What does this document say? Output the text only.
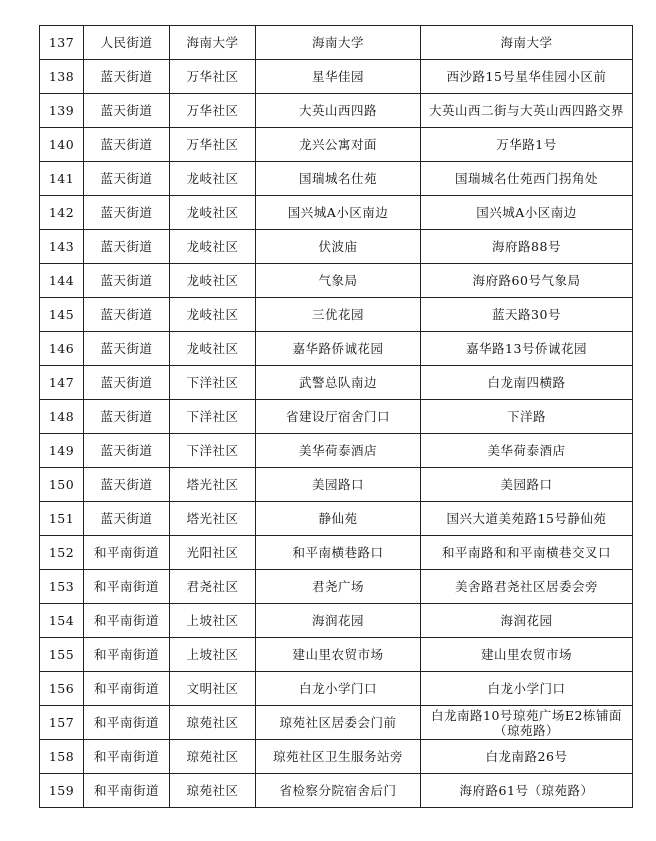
137	人民街道	海南大学	海南大学	海南大学
138	蓝天街道	万华社区	星华佳园	西沙路15号星华佳园小区前
139	蓝天街道	万华社区	大英山西四路	大英山西二街与大英山西四路交界
140	蓝天街道	万华社区	龙兴公寓对面	万华路1号
141	蓝天街道	龙岐社区	国瑞城名仕苑	国瑞城名仕苑西门拐角处
142	蓝天街道	龙岐社区	国兴城A小区南边	国兴城A小区南边
143	蓝天街道	龙岐社区	伏波庙	海府路88号
144	蓝天街道	龙岐社区	气象局	海府路60号气象局
145	蓝天街道	龙岐社区	三优花园	蓝天路30号
146	蓝天街道	龙岐社区	嘉华路侨诚花园	嘉华路13号侨诚花园
147	蓝天街道	下洋社区	武警总队南边	白龙南四横路
148	蓝天街道	下洋社区	省建设厅宿舍门口	下洋路
149	蓝天街道	下洋社区	美华荷泰酒店	美华荷泰酒店
150	蓝天街道	塔光社区	美园路口	美园路口
151	蓝天街道	塔光社区	静仙苑	国兴大道美苑路15号静仙苑
152	和平南街道	光阳社区	和平南横巷路口	和平南路和和平南横巷交叉口
153	和平南街道	君尧社区	君尧广场	美舍路君尧社区居委会旁
154	和平南街道	上坡社区	海润花园	海润花园
155	和平南街道	上坡社区	建山里农贸市场	建山里农贸市场
156	和平南街道	文明社区	白龙小学门口	白龙小学门口
157	和平南街道	琼苑社区	琼苑社区居委会门前	白龙南路10号琼苑广场E2栋铺面（琼苑路）
158	和平南街道	琼苑社区	琼苑社区卫生服务站旁	白龙南路26号
159	和平南街道	琼苑社区	省检察分院宿舍后门	海府路61号（琼苑路）
